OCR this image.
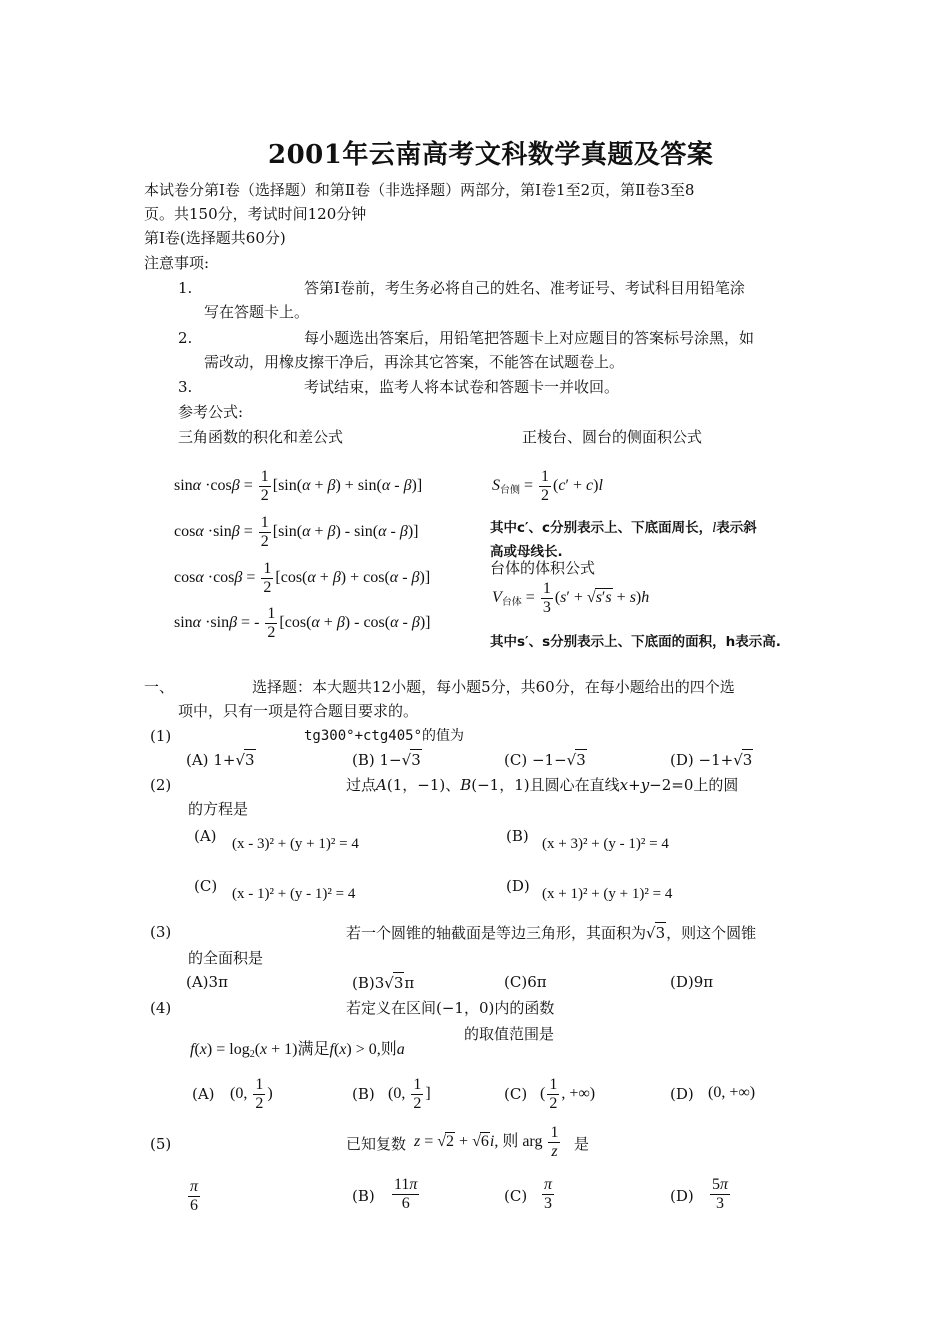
2001年云南高考文科数学真题及答案
本试卷分第Ⅰ卷（选择题）和第Ⅱ卷（非选择题）两部分，第Ⅰ卷1至2页，第Ⅱ卷3至8
页。共150分，考试时间120分钟
第Ⅰ卷(选择题共60分)
注意事项:
1.	答第Ⅰ卷前，考生务必将自己的姓名、准考证号、考试科目用铅笔涂
写在答题卡上。
2.	每小题选出答案后，用铅笔把答题卡上对应题目的答案标号涂黑，如
需改动，用橡皮擦干净后，再涂其它答案，不能答在试题卷上。
3.	考试结束，监考人将本试卷和答题卡一并收回。
参考公式:
三角函数的积化和差公式	正棱台、圆台的侧面积公式
$\sin\alpha \cdot\cos\beta = \frac{1}{2} [\sin(\alpha + \beta) + \sin(\alpha - \beta)]$
$\cos\alpha \cdot\sin\beta = \frac{1}{2} [\sin(\alpha + \beta) - \sin(\alpha - \beta)]$
$\cos\alpha \cdot\cos\beta = \frac{1}{2} [\cos(\alpha + \beta) + \cos(\alpha - \beta)]$
sinα ·sinβ = - $\frac{1}{2} [\cos(\alpha + \beta) - \cos(\alpha - \beta)]$
$S_{台侧} = \frac{1}{2} (c' + c)l$
其中c′、c分别表示上、下底面周长，l表示斜
高或母线长.
台体的体积公式
$V_{台体} = \frac{1}{3} (s' + √s's + s)h$
其中s′、s分别表示上、下底面的面积，h表示高.
一、	选择题：本大题共12小题，每小题5分，共60分，在每小题给出的四个选
项中，只有一项是符合题目要求的。
(1)	tg300°+ctg405°的值为
(A) 1+√3	(B) 1−√3	(C) −1−√3	(D) −1+√3
(2)	过点A(1，−1)、B(−1，1)且圆心在直线x+y−2=0上的圆
的方程是
(A) (x - 3)² + (y + 1)² = 4	(B) (x + 3)² + (y - 1)² = 4
(C) (x - 1)² + (y - 1)² = 4	(D) (x + 1)² + (y + 1)² = 4
(3)	若一个圆锥的轴截面是等边三角形，其面积为√3，则这个圆锥
的全面积是
(A)3π	(B)3√3π	(C)6π	(D)9π
(4)	若定义在区间(−1，0)内的函数
$f(x) = \log_2(x + 1)$满足f(x) > 0,则a
的取值范围是
(A) (0, $\frac{1}{2}$ )	(B) (0, $\frac{1}{2}$ ]	(C) ( $\frac{1}{2}$ , +∞)	(D) (0, +∞)
(5)	已知复数 z = √2 + √6i, 则 arg $\frac{1}{z}$ 是
$\frac{\pi}{6}$	$(B) \frac{11\pi}{6}$	$(C) \frac{\pi}{3}$	$(D) \frac{5\pi}{3}$
